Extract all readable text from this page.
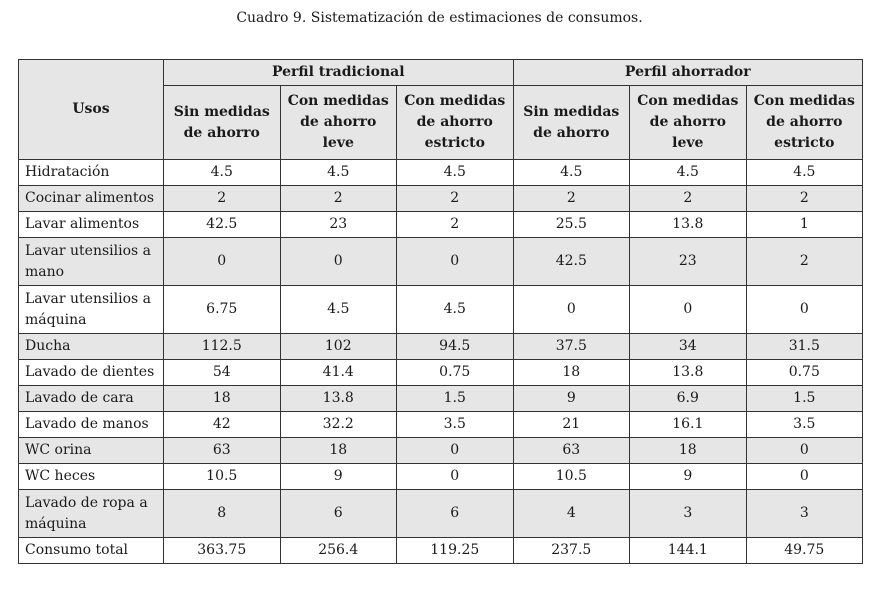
Cuadro 9. Sistematización de estimaciones de consumos.
Usos	Perfil tradicional			Perfil ahorrador		
	Sin medidas de ahorro	Con medidas de ahorro leve	Con medidas de ahorro estricto	Sin medidas de ahorro	Con medidas de ahorro leve	Con medidas de ahorro estricto
Hidratación	4.5	4.5	4.5	4.5	4.5	4.5
Cocinar alimentos	2	2	2	2	2	2
Lavar alimentos	42.5	23	2	25.5	13.8	1
Lavar utensilios a mano	0	0	0	42.5	23	2
Lavar utensilios a máquina	6.75	4.5	4.5	0	0	0
Ducha	112.5	102	94.5	37.5	34	31.5
Lavado de dientes	54	41.4	0.75	18	13.8	0.75
Lavado de cara	18	13.8	1.5	9	6.9	1.5
Lavado de manos	42	32.2	3.5	21	16.1	3.5
WC orina	63	18	0	63	18	0
WC heces	10.5	9	0	10.5	9	0
Lavado de ropa a máquina	8	6	6	4	3	3
Consumo total	363.75	256.4	119.25	237.5	144.1	49.75
